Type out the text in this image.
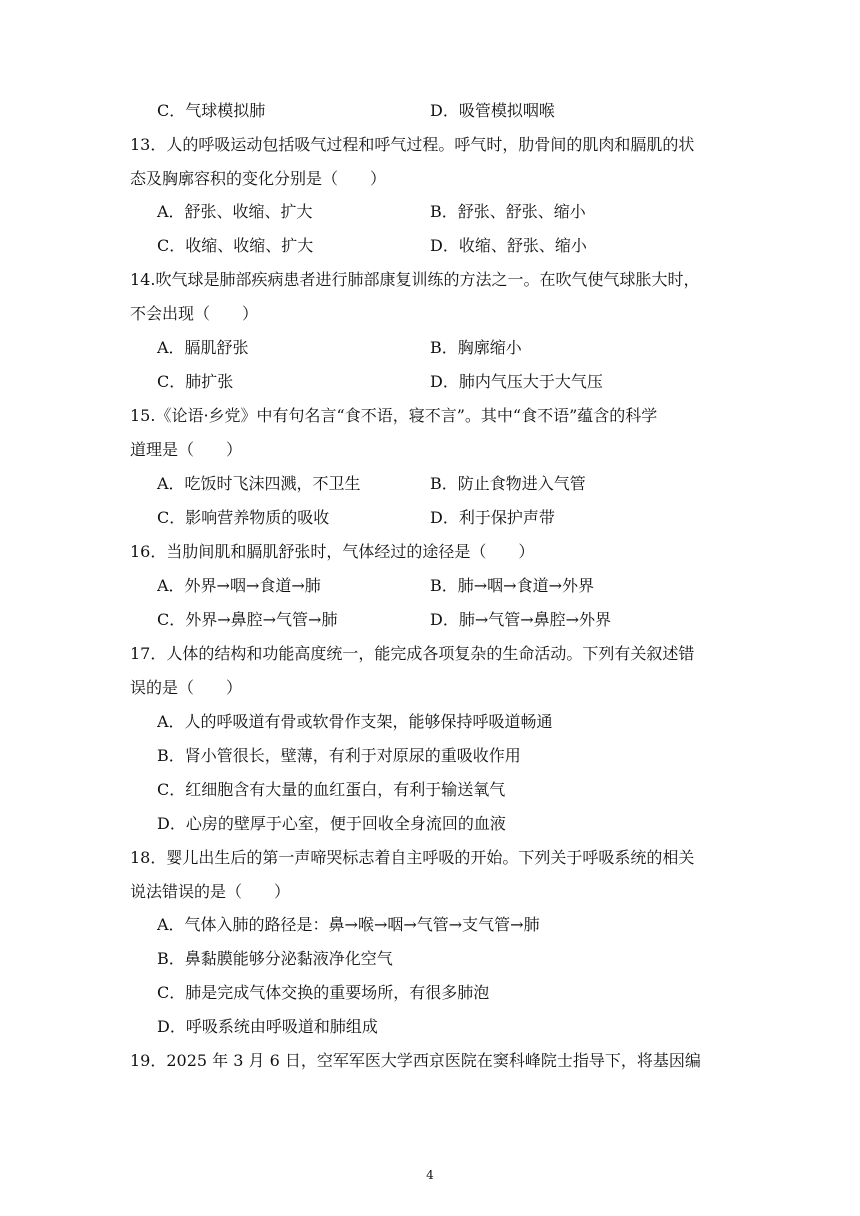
C．气球模拟肺	D．吸管模拟咽喉
13．人的呼吸运动包括吸气过程和呼气过程。呼气时，肋骨间的肌肉和膈肌的状
态及胸廓容积的变化分别是（　　）
A．舒张、收缩、扩大	B．舒张、舒张、缩小
C．收缩、收缩、扩大	D．收缩、舒张、缩小
14.吹气球是肺部疾病患者进行肺部康复训练的方法之一。在吹气使气球胀大时，
不会出现（　　）
A．膈肌舒张	B．胸廓缩小
C．肺扩张	D．肺内气压大于大气压
15.《论语·乡党》中有句名言“食不语，寝不言”。其中“食不语”蕴含的科学
道理是（　　）
A．吃饭时飞沫四溅，不卫生	B．防止食物进入气管
C．影响营养物质的吸收	D．利于保护声带
16．当肋间肌和膈肌舒张时，气体经过的途径是（　　）
A．外界→咽→食道→肺	B．肺→咽→食道→外界
C．外界→鼻腔→气管→肺	D．肺→气管→鼻腔→外界
17．人体的结构和功能高度统一，能完成各项复杂的生命活动。下列有关叙述错
误的是（　　）
A．人的呼吸道有骨或软骨作支架，能够保持呼吸道畅通
B．肾小管很长，壁薄，有利于对原尿的重吸收作用
C．红细胞含有大量的血红蛋白，有利于输送氧气
D．心房的壁厚于心室，便于回收全身流回的血液
18．婴儿出生后的第一声啼哭标志着自主呼吸的开始。下列关于呼吸系统的相关
说法错误的是（　　）
A．气体入肺的路径是：鼻→喉→咽→气管→支气管→肺
B．鼻黏膜能够分泌黏液净化空气
C．肺是完成气体交换的重要场所，有很多肺泡
D．呼吸系统由呼吸道和肺组成
19．2025 年 3 月 6 日，空军军医大学西京医院在窦科峰院士指导下，将基因编
4
